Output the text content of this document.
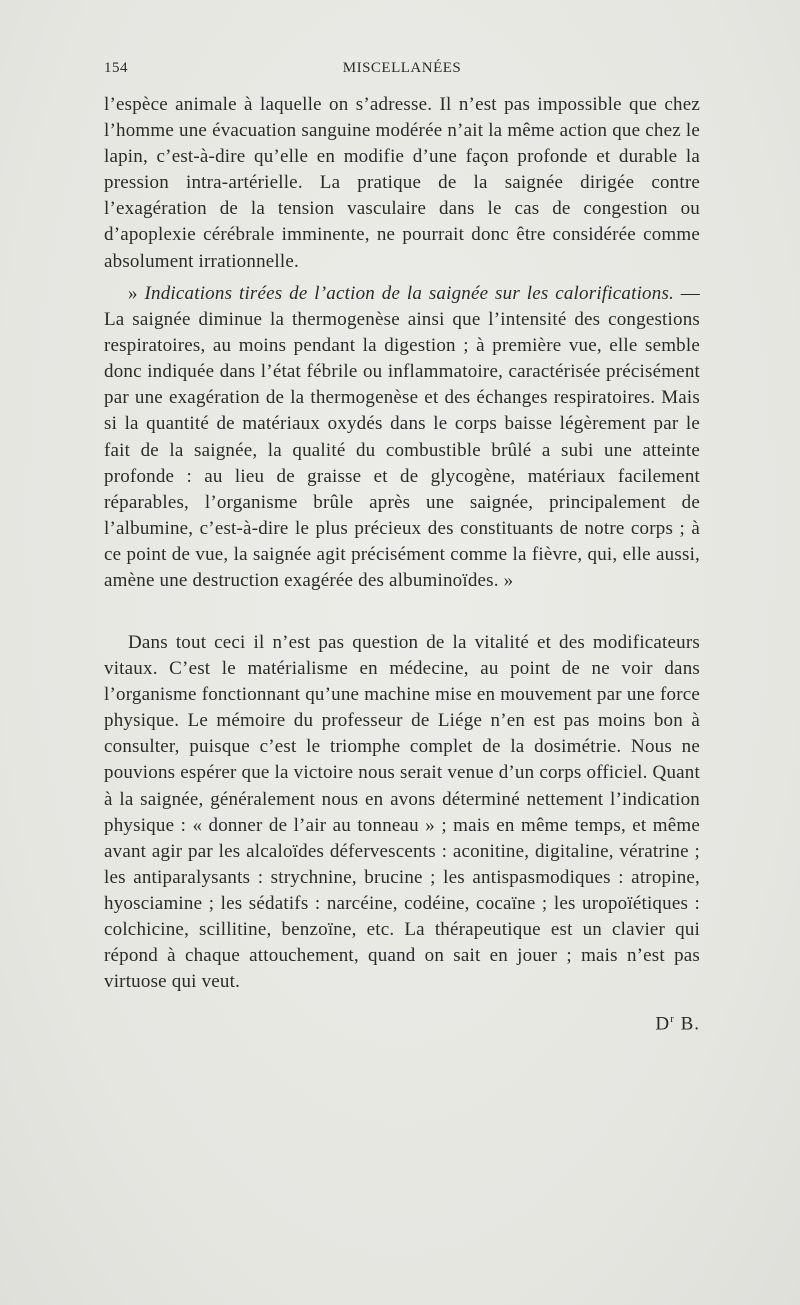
154	MISCELLANÉES

l’espèce animale à laquelle on s’adresse. Il n’est pas impossible que chez l’homme une évacuation sanguine modérée n’ait la même action que chez le lapin, c’est-à-dire qu’elle en modifie d’une façon profonde et durable la pression intra-artérielle. La pratique de la saignée dirigée contre l’exagération de la tension vasculaire dans le cas de congestion ou d’apoplexie cérébrale imminente, ne pourrait donc être considérée comme absolument irrationnelle.

» Indications tirées de l’action de la saignée sur les calorifications. — La saignée diminue la thermogenèse ainsi que l’intensité des congestions respiratoires, au moins pendant la digestion ; à première vue, elle semble donc indiquée dans l’état fébrile ou inflammatoire, caractérisée précisément par une exagération de la thermogenèse et des échanges respiratoires. Mais si la quantité de matériaux oxydés dans le corps baisse légèrement par le fait de la saignée, la qualité du combustible brûlé a subi une atteinte profonde : au lieu de graisse et de glycogène, matériaux facilement réparables, l’organisme brûle après une saignée, principalement de l’albumine, c’est-à-dire le plus précieux des constituants de notre corps ; à ce point de vue, la saignée agit précisément comme la fièvre, qui, elle aussi, amène une destruction exagérée des albuminoïdes. »

Dans tout ceci il n’est pas question de la vitalité et des modificateurs vitaux. C’est le matérialisme en médecine, au point de ne voir dans l’organisme fonctionnant qu’une machine mise en mouvement par une force physique. Le mémoire du professeur de Liége n’en est pas moins bon à consulter, puisque c’est le triomphe complet de la dosimétrie. Nous ne pouvions espérer que la victoire nous serait venue d’un corps officiel. Quant à la saignée, généralement nous en avons déterminé nettement l’indication physique : « donner de l’air au tonneau » ; mais en même temps, et même avant agir par les alcaloïdes défervescents : aconitine, digitaline, vératrine ; les antiparalysants : strychnine, brucine ; les antispasmodiques : atropine, hyosciamine ; les sédatifs : narcéine, codéine, cocaïne ; les uropoïétiques : colchicine, scillitine, benzoïne, etc. La thérapeutique est un clavier qui répond à chaque attouchement, quand on sait en jouer ; mais n’est pas virtuose qui veut.

$D^r$ B.
